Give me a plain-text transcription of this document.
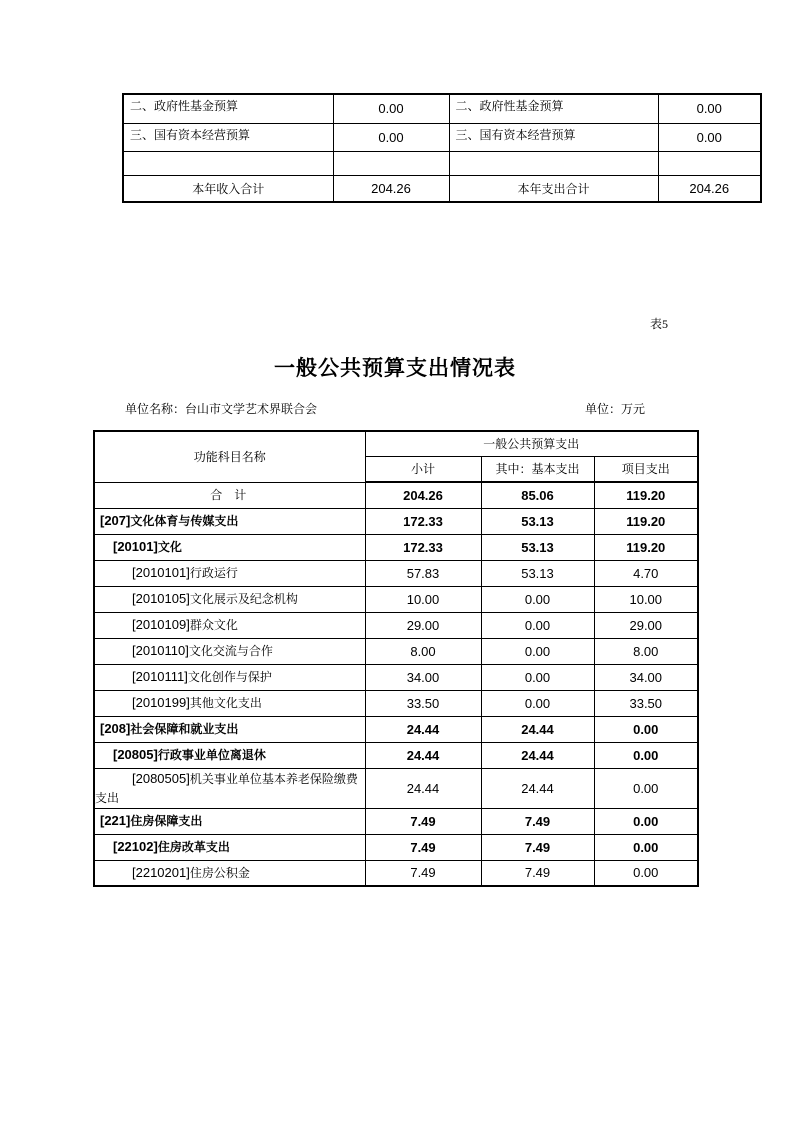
二、政府性基金预算	0.00	二、政府性基金预算	0.00
三、国有资本经营预算	0.00	三、国有资本经营预算	0.00

本年收入合计	204.26	本年支出合计	204.26
表5
一般公共预算支出情况表
单位名称：台山市文学艺术界联合会	单位：万元
功能科目名称	一般公共预算支出		
	小计	其中：基本支出	项目支出
合　计	204.26	85.06	119.20
[207]文化体育与传媒支出	172.33	53.13	119.20
[20101]文化	172.33	53.13	119.20
[2010101]行政运行	57.83	53.13	4.70
[2010105]文化展示及纪念机构	10.00	0.00	10.00
[2010109]群众文化	29.00	0.00	29.00
[2010110]文化交流与合作	8.00	0.00	8.00
[2010111]文化创作与保护	34.00	0.00	34.00
[2010199]其他文化支出	33.50	0.00	33.50
[208]社会保障和就业支出	24.44	24.44	0.00
[20805]行政事业单位离退休	24.44	24.44	0.00
[2080505]机关事业单位基本养老保险缴费支出	24.44	24.44	0.00
[221]住房保障支出	7.49	7.49	0.00
[22102]住房改革支出	7.49	7.49	0.00
[2210201]住房公积金	7.49	7.49	0.00
